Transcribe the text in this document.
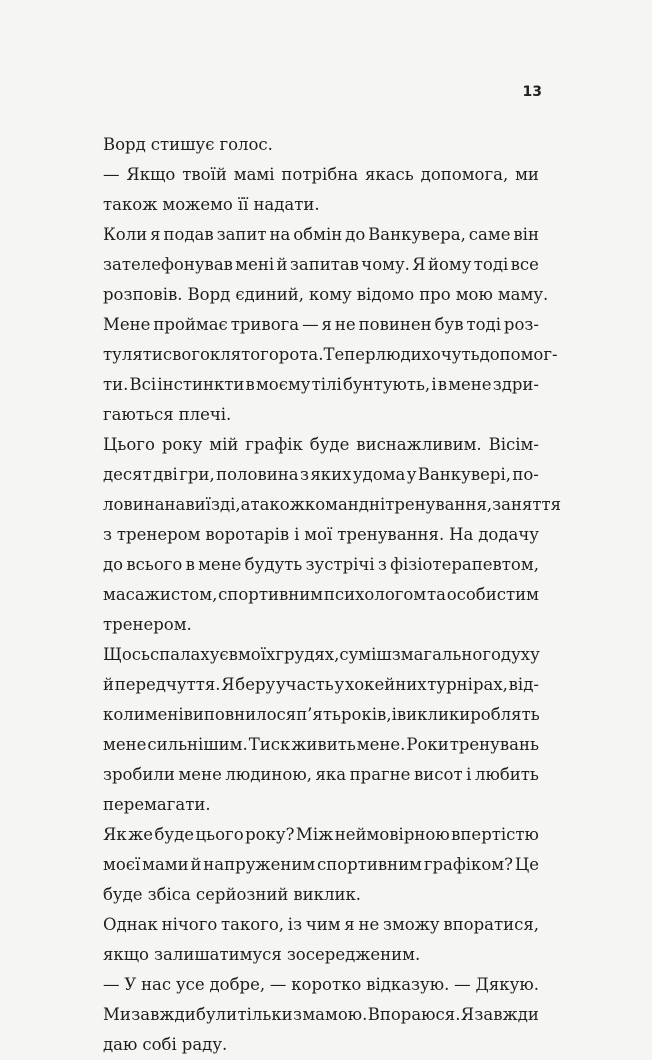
13
Ворд стишує голос.
— Якщо твоїй мамі потрібна якась допомога, ми
також можемо її надати.
Коли я подав запит на обмін до Ванкувера, саме він
зателефонував мені й запитав чому. Я йому тоді все
розповів. Ворд єдиний, кому відомо про мою маму.
Мене проймає тривога — я не повинен був тоді роз-
туляти свого клятого рота. Тепер люди хочуть допомог-
ти. Всі інстинкти в моєму тілі бунтують, і в мене здри-
гаються плечі.
Цього року мій графік буде виснажливим. Вісім-
десят дві гри, половина з яких удома у Ванкувері, по-
ловина на виїзді, а також командні тренування, заняття
з тренером воротарів і мої тренування. На додачу
до всього в мене будуть зустрічі з фізіотерапевтом,
масажистом, спортивним психологом та особистим
тренером.
Щось спалахує в моїх грудях, суміш змагального духу
й передчуття. Я беру участь у хокейних турнірах, від-
коли мені виповнилося п’ять років, і виклики роблять
мене сильнішим. Тиск живить мене. Роки тренувань
зробили мене людиною, яка прагне висот і любить
перемагати.
Як же буде цього року? Між неймовірною впертістю
моєї мами й напруженим спортивним графіком? Це
буде збіса серйозний виклик.
Однак нічого такого, із чим я не зможу впоратися,
якщо залишатимуся зосередженим.
— У нас усе добре, — коротко відказую. — Дякую.
Ми завжди були тільки з мамою. Впораюся. Я завжди
даю собі раду.
